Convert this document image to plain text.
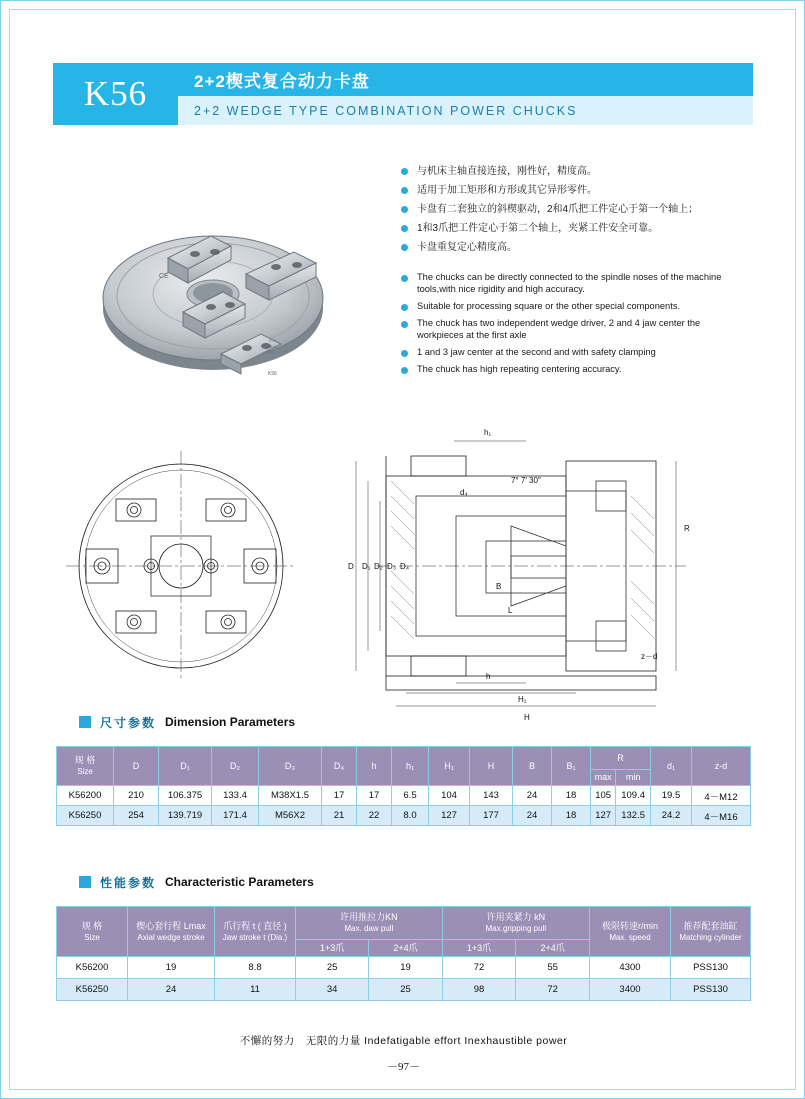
K56	2+2楔式复合动力卡盘
2+2 WEDGE TYPE COMBINATION POWER CHUCKS
CE
K56
S.N.
MAX
KG
与机床主轴直接连接，刚性好，精度高。
适用于加工矩形和方形或其它异形零件。
卡盘有二套独立的斜楔驱动，2和4爪把工件定心于第一个轴上；
1和3爪把工件定心于第二个轴上，夹紧工件安全可靠。
卡盘重复定心精度高。
The chucks can be directly connected to the spindle noses of the machine tools,with nice rigidity and high accuracy.
Suitable for processing square or the other special components.
The chuck has two independent wedge driver, 2 and 4 jaw center the workpieces at the first axle
1 and 3 jaw center at the second and with safety clamping
The chuck has high repeating centering accuracy.
h₁
7° 7′ 30″
d₄
R
D D₁ D₂ D₃ D₄
B
L
z－d
h
H₁
H
尺寸参数 Dimension Parameters
规 格
Size	D	D₁	D₂	D₃	D₄	h	h₁	H₁	H	B	B₁	R		d₁	z-d
												max	min		
K56200	210	106.375	133.4	M38X1.5	17	17	6.5	104	143	24	18	105	109.4	19.5	4－M12
K56250	254	139.719	171.4	M56X2	21	22	8.0	127	177	24	18	127	132.5	24.2	4－M16
性能参数 Characteristic Parameters
规 格
Size	楔心套行程 Lmax
Axial wedge stroke	爪行程 t ( 直径 )
Jaw stroke t (Dia.)	许用推拉力KN
Max. daw pull		许用夹紧力 kN
Max.gripping pull		极限转速r/min
Max. speed	推荐配套油缸
Matching cylinder

			1+3爪	2+4爪	1+3爪	2+4爪		
K56200	19	8.8	25	19	72	55	4300	PSS130
K56250	24	11	34	25	98	72	3400	PSS130
不懈的努力　无限的力量 Indefatigable effort Inexhaustible power
－97－
